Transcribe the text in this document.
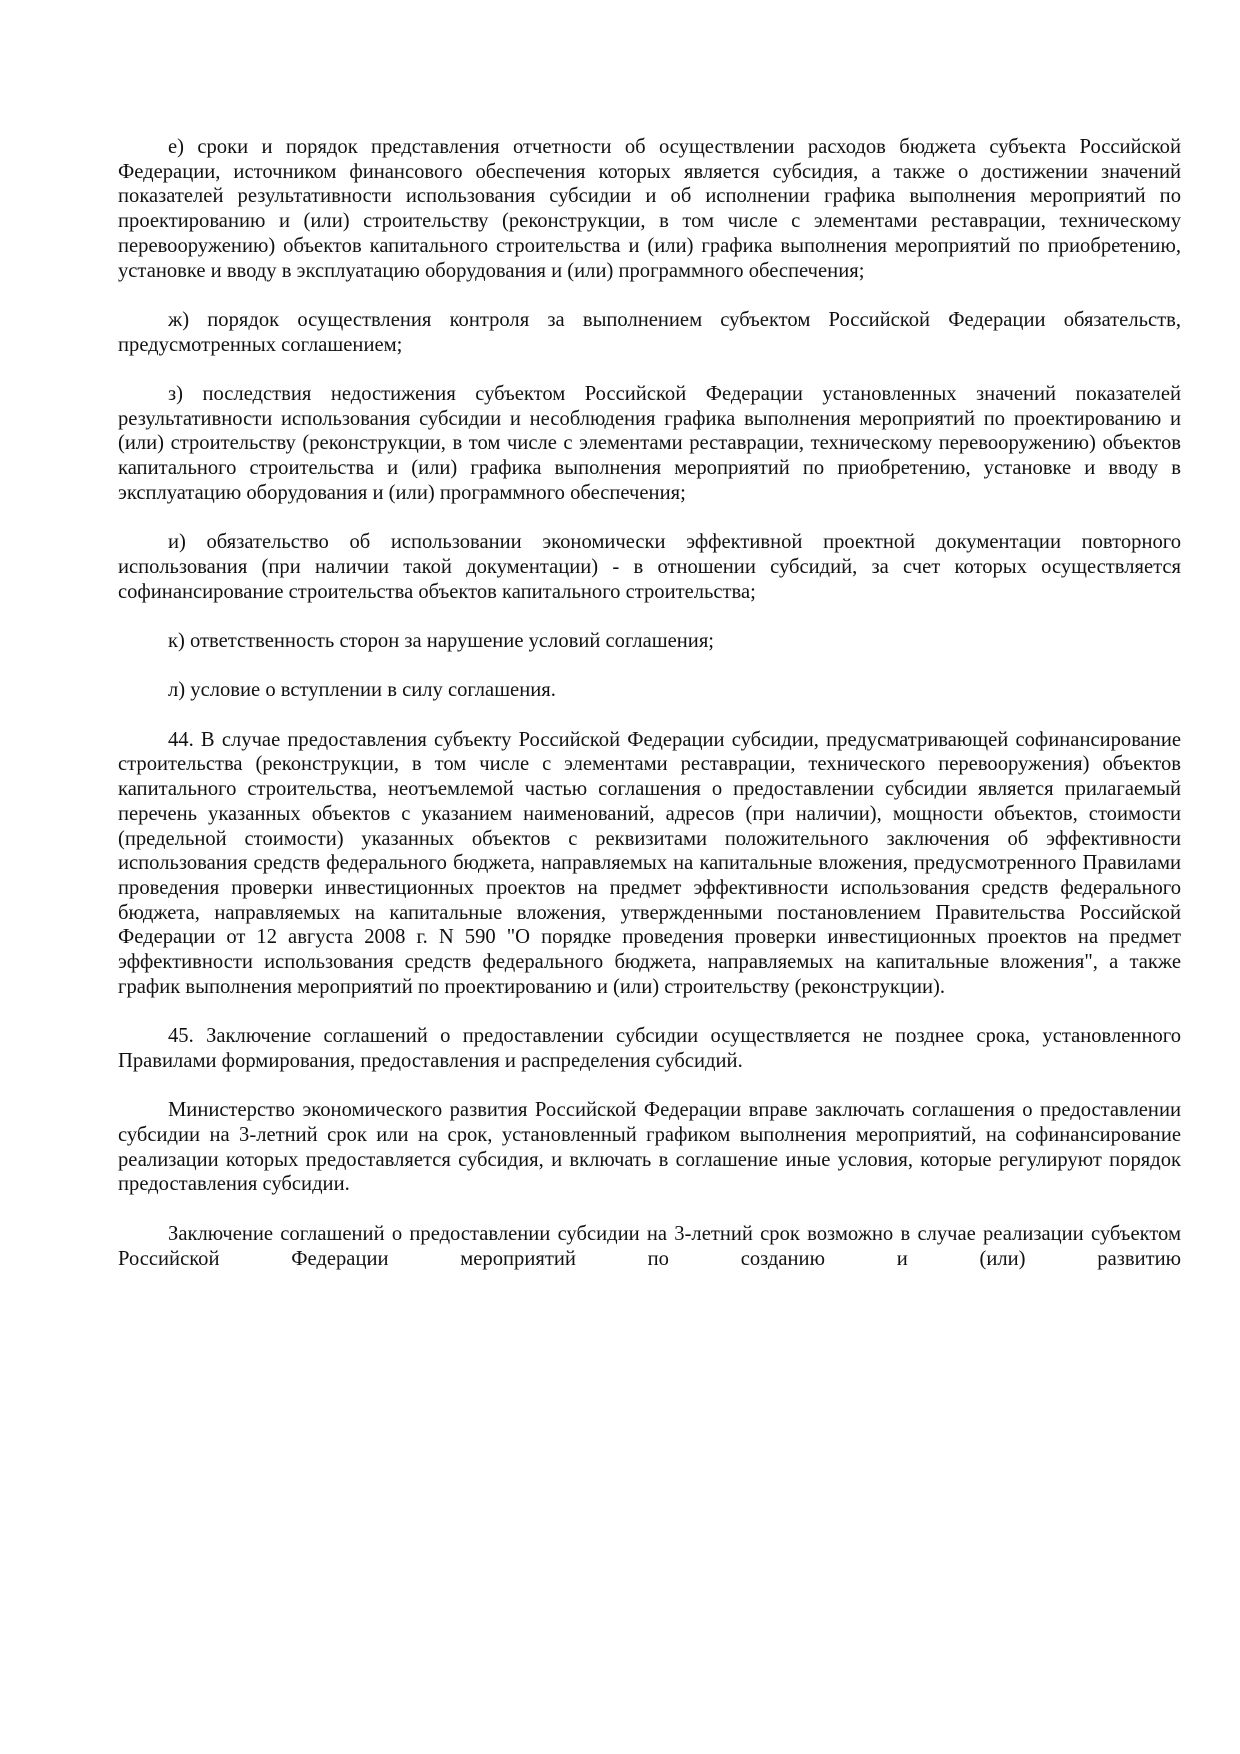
е) сроки и порядок представления отчетности об осуществлении расходов бюджета субъекта Российской Федерации, источником финансового обеспечения которых является субсидия, а также о достижении значений показателей результативности использования субсидии и об исполнении графика выполнения мероприятий по проектированию и (или) строительству (реконструкции, в том числе с элементами реставрации, техническому перевооружению) объектов капитального строительства и (или) графика выполнения мероприятий по приобретению, установке и вводу в эксплуатацию оборудования и (или) программного обеспечения;

ж) порядок осуществления контроля за выполнением субъектом Российской Федерации обязательств, предусмотренных соглашением;

з) последствия недостижения субъектом Российской Федерации установленных значений показателей результативности использования субсидии и несоблюдения графика выполнения мероприятий по проектированию и (или) строительству (реконструкции, в том числе с элементами реставрации, техническому перевооружению) объектов капитального строительства и (или) графика выполнения мероприятий по приобретению, установке и вводу в эксплуатацию оборудования и (или) программного обеспечения;

и) обязательство об использовании экономически эффективной проектной документации повторного использования (при наличии такой документации) - в отношении субсидий, за счет которых осуществляется софинансирование строительства объектов капитального строительства;

к) ответственность сторон за нарушение условий соглашения;

л) условие о вступлении в силу соглашения.

44. В случае предоставления субъекту Российской Федерации субсидии, предусматривающей софинансирование строительства (реконструкции, в том числе с элементами реставрации, технического перевооружения) объектов капитального строительства, неотъемлемой частью соглашения о предоставлении субсидии является прилагаемый перечень указанных объектов с указанием наименований, адресов (при наличии), мощности объектов, стоимости (предельной стоимости) указанных объектов с реквизитами положительного заключения об эффективности использования средств федерального бюджета, направляемых на капитальные вложения, предусмотренного Правилами проведения проверки инвестиционных проектов на предмет эффективности использования средств федерального бюджета, направляемых на капитальные вложения, утвержденными постановлением Правительства Российской Федерации от 12 августа 2008 г. N 590 "О порядке проведения проверки инвестиционных проектов на предмет эффективности использования средств федерального бюджета, направляемых на капитальные вложения", а также график выполнения мероприятий по проектированию и (или) строительству (реконструкции).

45. Заключение соглашений о предоставлении субсидии осуществляется не позднее срока, установленного Правилами формирования, предоставления и распределения субсидий.

Министерство экономического развития Российской Федерации вправе заключать соглашения о предоставлении субсидии на 3-летний срок или на срок, установленный графиком выполнения мероприятий, на софинансирование реализации которых предоставляется субсидия, и включать в соглашение иные условия, которые регулируют порядок предоставления субсидии.

Заключение соглашений о предоставлении субсидии на 3-летний срок возможно в случае реализации субъектом Российской Федерации мероприятий по созданию и (или) развитию
